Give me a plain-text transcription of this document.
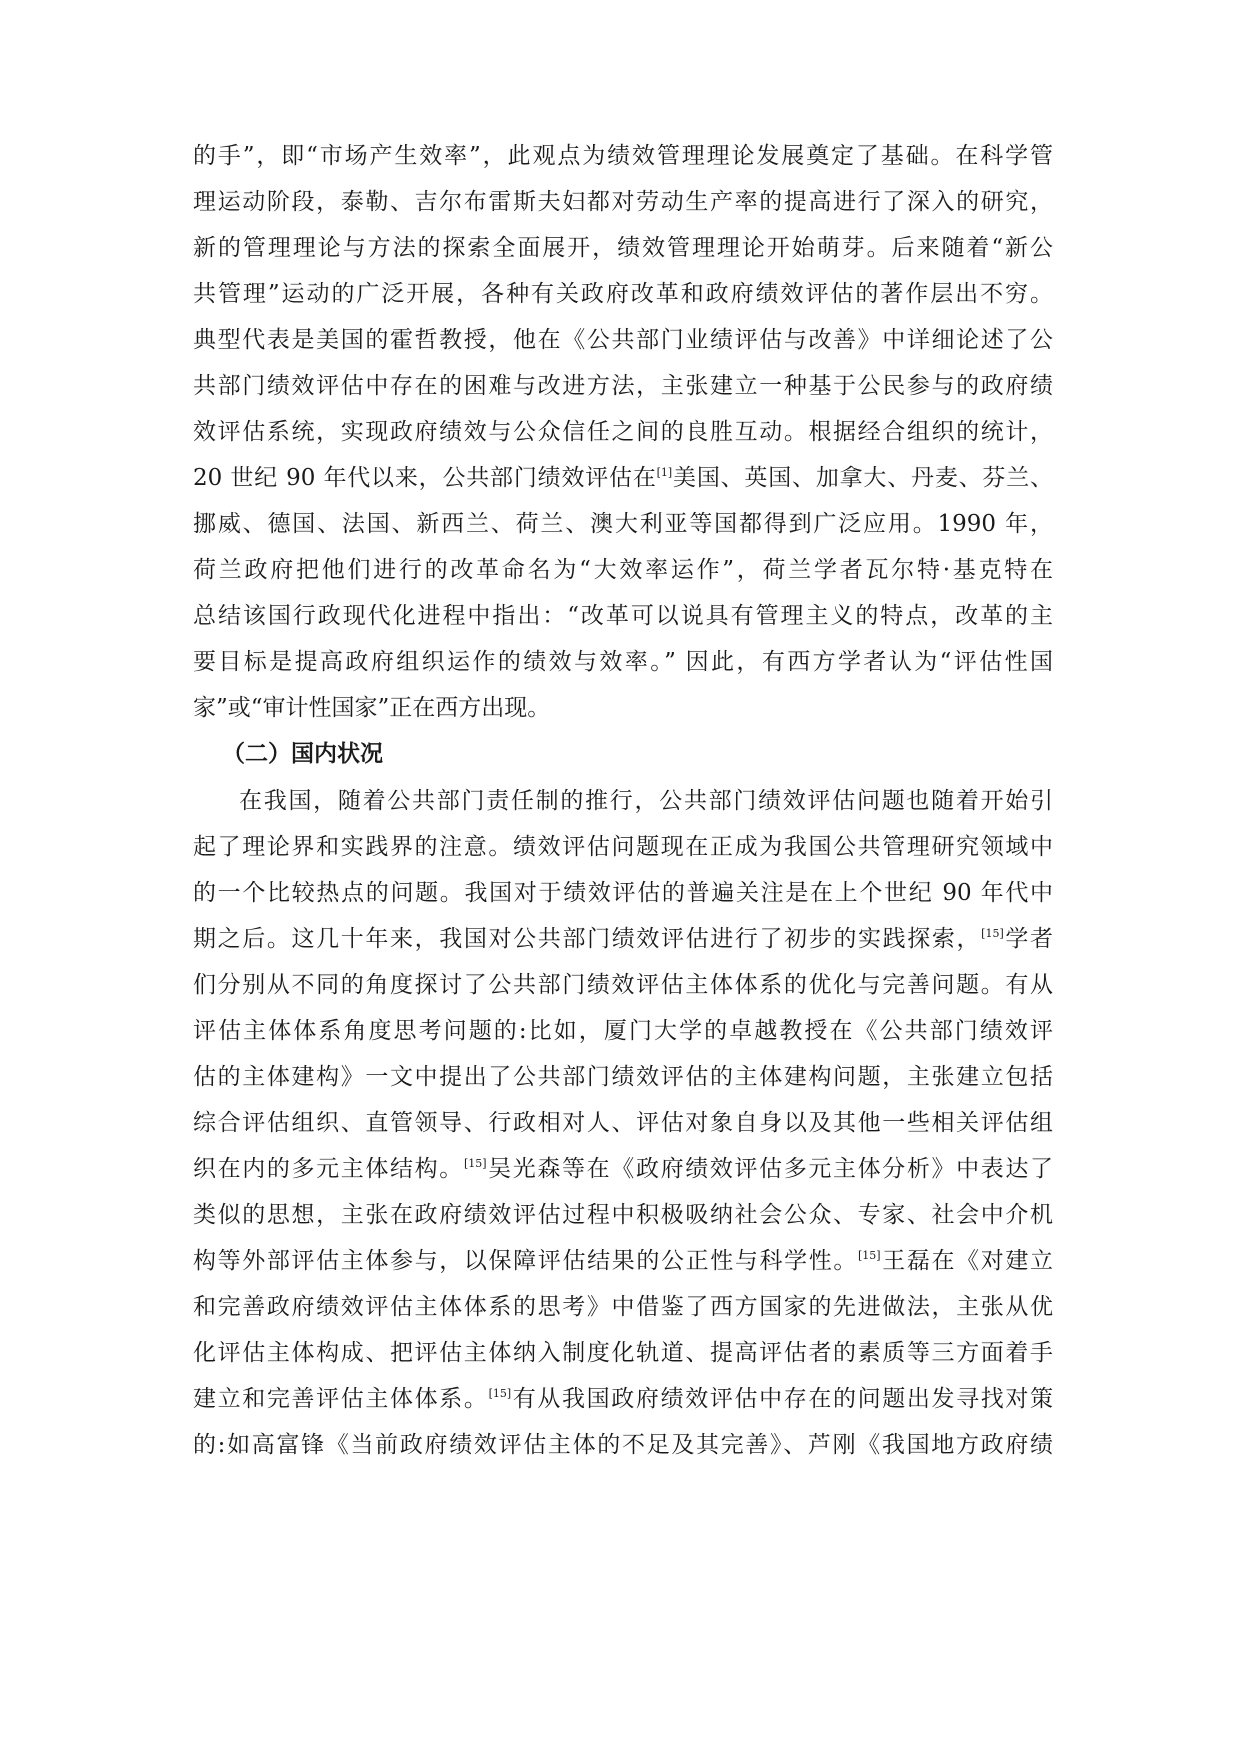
的手”，即“市场产生效率”，此观点为绩效管理理论发展奠定了基础。在科学管
理运动阶段，泰勒、吉尔布雷斯夫妇都对劳动生产率的提高进行了深入的研究，
新的管理理论与方法的探索全面展开，绩效管理理论开始萌芽。后来随着“新公
共管理”运动的广泛开展，各种有关政府改革和政府绩效评估的著作层出不穷。
典型代表是美国的霍哲教授，他在《公共部门业绩评估与改善》中详细论述了公
共部门绩效评估中存在的困难与改进方法，主张建立一种基于公民参与的政府绩
效评估系统，实现政府绩效与公众信任之间的良胜互动。根据经合组织的统计，
20 世纪 90 年代以来，公共部门绩效评估在[1]美国、英国、加拿大、丹麦、芬兰、
挪威、德国、法国、新西兰、荷兰、澳大利亚等国都得到广泛应用。1990 年，
荷兰政府把他们进行的改革命名为“大效率运作”，荷兰学者瓦尔特·基克特在
总结该国行政现代化进程中指出：“改革可以说具有管理主义的特点，改革的主
要目标是提高政府组织运作的绩效与效率。” 因此，有西方学者认为“评估性国
家”或“审计性国家”正在西方出现。
（二）国内状况
在我国，随着公共部门责任制的推行，公共部门绩效评估问题也随着开始引
起了理论界和实践界的注意。绩效评估问题现在正成为我国公共管理研究领域中
的一个比较热点的问题。我国对于绩效评估的普遍关注是在上个世纪 90 年代中
期之后。这几十年来，我国对公共部门绩效评估进行了初步的实践探索，[15]学者
们分别从不同的角度探讨了公共部门绩效评估主体体系的优化与完善问题。有从
评估主体体系角度思考问题的:比如，厦门大学的卓越教授在《公共部门绩效评
估的主体建构》一文中提出了公共部门绩效评估的主体建构问题，主张建立包括
综合评估组织、直管领导、行政相对人、评估对象自身以及其他一些相关评估组
织在内的多元主体结构。[15]吴光森等在《政府绩效评估多元主体分析》中表达了
类似的思想，主张在政府绩效评估过程中积极吸纳社会公众、专家、社会中介机
构等外部评估主体参与，以保障评估结果的公正性与科学性。[15]王磊在《对建立
和完善政府绩效评估主体体系的思考》中借鉴了西方国家的先进做法，主张从优
化评估主体构成、把评估主体纳入制度化轨道、提高评估者的素质等三方面着手
建立和完善评估主体体系。[15]有从我国政府绩效评估中存在的问题出发寻找对策
的:如高富锋《当前政府绩效评估主体的不足及其完善》、芦刚《我国地方政府绩
